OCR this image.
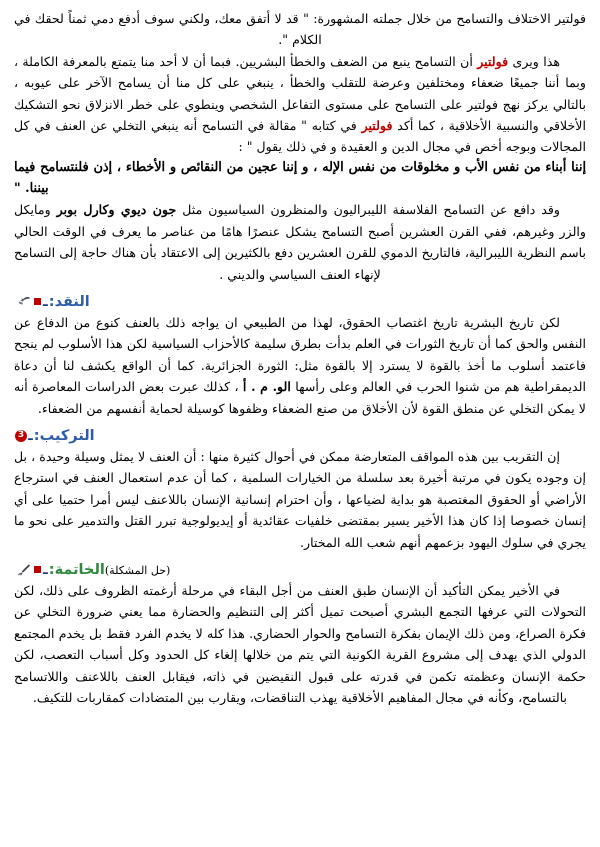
فولتير الاختلاف والتسامح من خلال جملته المشهورة: " قد لا أتفق معك، ولكني سوف أدفع دمي ثمناً لحقك في الكلام ".

هذا ويرى فولتير أن التسامح ينبع من الضعف والخطأ البشريين. فبما أن لا أحد منا يتمتع بالمعرفة الكاملة ، وبما أننا جميعًا ضعفاء ومختلفين وعرضة للتقلب والخطأ ، ينبغي على كل منا أن يسامح الآخر على عيوبه ، بالتالي يركز نهج فولتير على التسامح على مستوى التفاعل الشخصي وينطوي على خطر الانزلاق نحو التشكيك الأخلاقي والنسبية الأخلاقية ، كما أكد فولتير في كتابه " مقالة في التسامح أنه ينبغي التخلي عن العنف في كل المجالات وبوجه أخص في مجال الدين و العقيدة و في ذلك يقول " :

إننا أبناء من نفس الأب و مخلوقات من نفس الإله ، و إننا عجين من النقائص و الأخطاء ، إذن فلنتسامح فيما بيننا. "

وقد دافع عن التسامح الفلاسفة الليبراليون والمنظرون السياسيون مثل جون ديوي وكارل بوبر ومايكل والزر وغيرهم، ففي القرن العشرين أصبح التسامح يشكل عنصرًا هامًا من عناصر ما يعرف في الوقت الحالي باسم النظرية الليبرالية، فالتاريخ الدموي للقرن العشرين دفع بالكثيرين إلى الاعتقاد بأن هناك حاجة إلى التسامح لإنهاء العنف السياسي والديني .

ـ النقد:

لكن تاريخ البشرية تاريخ اغتصاب الحقوق، لهذا من الطبيعي ان يواجه ذلك بالعنف كنوع من الدفاع عن النفس والحق كما أن تاريخ الثورات في العلم بدأت بطرق سليمة كالأحزاب السياسية لكن هذا الأسلوب لم ينجح فاعتمد أسلوب ما أخذ بالقوة لا يسترد إلا بالقوة مثل: الثورة الجزائرية. كما أن الواقع يكشف لنا أن دعاة الديمقراطية هم من شنوا الحرب في العالم وعلى رأسها الو. م . أ ، كذلك عبرت بعض الدراسات المعاصرة أنه لا يمكن التخلي عن منطق القوة لأن الأخلاق من صنع الضعفاء وظفوها كوسيلة لحماية أنفسهم من الضعفاء.

3 ـ التركيب:

إن التقريب بين هذه المواقف المتعارضة ممكن في أحوال كثيرة منها : أن العنف لا يمثل وسيلة وحيدة ، بل إن وجوده يكون في مرتبة أخيرة بعد سلسلة من الخيارات السلمية ، كما أن عدم استعمال العنف في استرجاع الأراضي أو الحقوق المغتصبة هو بداية لضياعها ، وأن احترام إنسانية الإنسان باللاعنف ليس أمرا حتميا على أي إنسان خصوصا إذا كان هذا الأخير يسير بمقتضى خلفيات عقائدية أو إيديولوجية تبرر القتل والتدمير على نحو ما يجري في سلوك اليهود بزعمهم أنهم شعب الله المختار.

ـ الخاتمة: (حل المشكلة)

في الأخير يمكن التأكيد أن الإنسان طبق العنف من أجل البقاء في مرحلة أرغمته الظروف على ذلك، لكن التحولات التي عرفها التجمع البشري أصبحت تميل أكثر إلى التنظيم والحضارة مما يعني ضرورة التخلي عن فكرة الصراع، ومن ذلك الإيمان بفكرة التسامح والحوار الحضاري. هذا كله لا يخدم الفرد فقط بل يخدم المجتمع الدولي الذي يهدف إلى مشروع القرية الكونية التي يتم من خلالها إلغاء كل الحدود وكل أسباب التعصب، لكن حكمة الإنسان وعظمته تكمن في قدرته على قبول النقيضين في ذاته، فيقابل العنف باللاعنف واللاتسامح بالتسامح، وكأنه في مجال المفاهيم الأخلاقية يهذب التناقضات، ويقارب بين المتضادات كمقاربات للتكيف.
